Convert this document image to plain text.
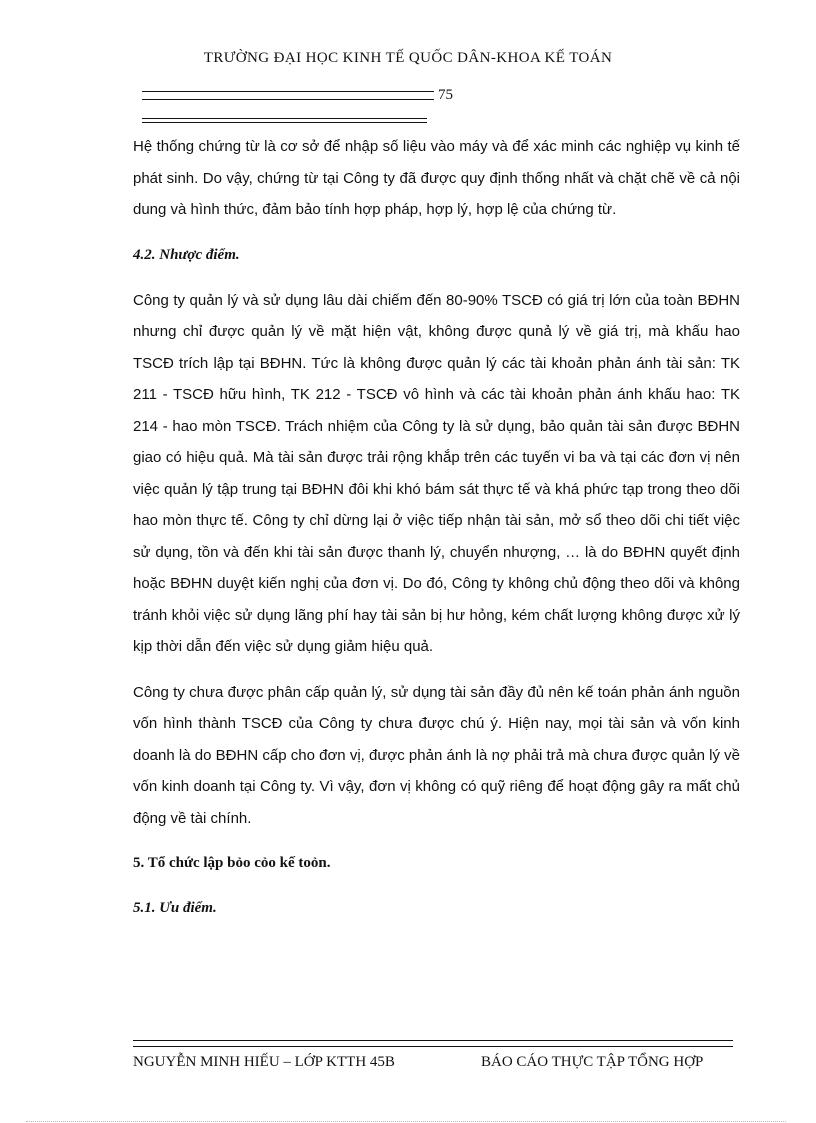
TRƯỜNG ĐẠI HỌC KINH TẾ QUỐC DÂN-KHOA KẾ TOÁN
75

Hệ thống chứng từ là cơ sở để nhập số liệu vào máy và để xác minh các nghiệp vụ kinh tế phát sinh. Do vậy, chứng từ tại Công ty đã được quy định thống nhất và chặt chẽ về cả nội dung và hình thức, đảm bảo tính hợp pháp, hợp lý, hợp lệ của chứng từ.

4.2. Nhược điểm.

Công ty quản lý và sử dụng lâu dài chiếm đến 80-90% TSCĐ có giá trị lớn của toàn BĐHN nhưng chỉ được quản lý về mặt hiện vật, không được qunả lý về giá trị, mà khấu hao TSCĐ trích lập tại BĐHN. Tức là không được quản lý các tài khoản phản ánh tài sản: TK 211 - TSCĐ hữu hình, TK 212 - TSCĐ vô hình và các tài khoản phản ánh khấu hao: TK 214 - hao mòn TSCĐ. Trách nhiệm của Công ty là sử dụng, bảo quản tài sản được BĐHN giao có hiệu quả. Mà tài sản được trải rộng khắp trên các tuyến vi ba và tại các đơn vị nên việc quản lý tập trung tại BĐHN đôi khi khó bám sát thực tế và khá phức tạp trong theo dõi hao mòn thực tế. Công ty chỉ dừng lại ở việc tiếp nhận tài sản, mở sổ theo dõi chi tiết việc sử dụng, tồn và đến khi tài sản được thanh lý, chuyển nhượng, … là do BĐHN quyết định hoặc BĐHN duyệt kiến nghị của đơn vị. Do đó, Công ty không chủ động theo dõi và không tránh khỏi việc sử dụng lãng phí hay tài sản bị hư hỏng, kém chất lượng không được xử lý kịp thời dẫn đến việc sử dụng giảm hiệu quả.

Công ty chưa được phân cấp quản lý, sử dụng tài sản đầy đủ nên kế toán phản ánh nguồn vốn hình thành TSCĐ của Công ty chưa được chú ý. Hiện nay, mọi tài sản và vốn kinh doanh là do BĐHN cấp cho đơn vị, được phản ánh là nợ phải trả mà chưa được quản lý về vốn kinh doanh tại Công ty. Vì vậy, đơn vị không có quỹ riêng để hoạt động gây ra mất chủ động về tài chính.

5. Tổ chức lập bỏo cỏo kế toỏn.
5.1. Ưu điểm.
NGUYỄN MINH HIẾU – LỚP KTTH 45B	BÁO CÁO THỰC TẬP TỔNG HỢP
